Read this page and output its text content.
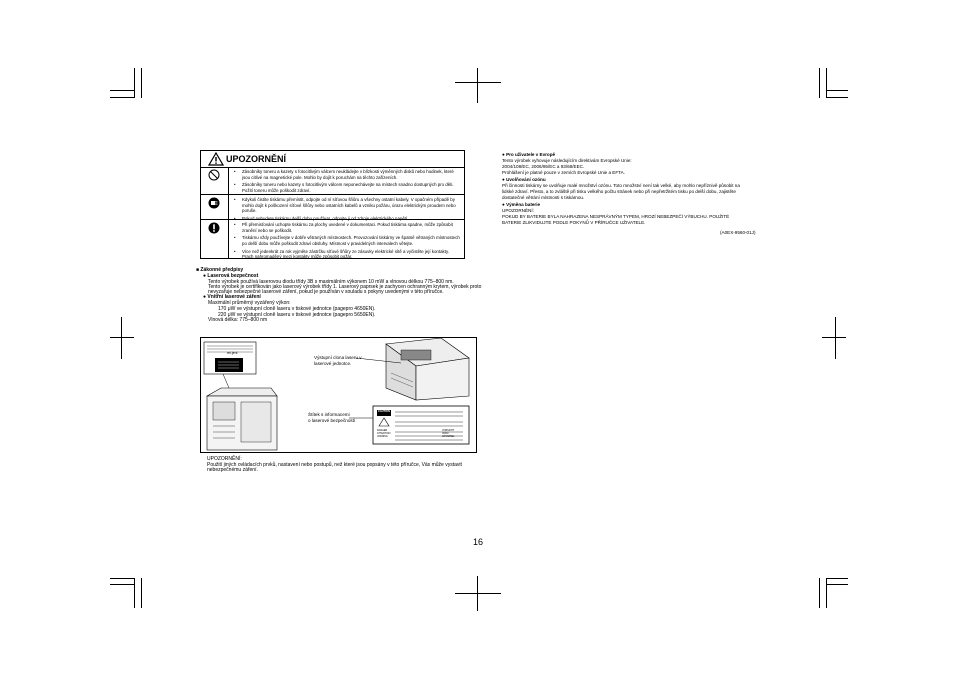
UPOZORNĚNÍ

• Zásobníky toneru a kazety s fotocitlivým válcem neukládejte v blízkosti výměnných disků nebo hodinek, které jsou citlivé na magnetické pole. Mohlo by dojít k poruchám na těchto zařízeních.

• Zásobníky toneru nebo kazety s fotocitlivým válcem neponechávejte na místech snadno dostupných pro děti. Požití toneru může poškodit zdraví.

• Kdykoli čistíte tiskárnu přemístit, odpojte od ní síťovou šňůru a všechny ostatní kabely. V opačném případě by mohlo dojít k poškození síťové šňůry nebo ostatních kabelů a vzniku požáru, úrazu elektrickým proudem nebo poruše.

• Pokud nebudete tiskárnu delší dobu používat, odpojte ji od zdroje elektrického napětí.

• Při přemisťování uchopte tiskárnu za plochy uvedené v dokumentaci. Pokud tiskárna spadne, může způsobit zranění nebo se poškodit.

• Tiskárnu vždy používejte v dobře větraných místnostech. Provozování tiskárny ve špatně větraných místnostech po delší dobu může poškodit zdraví obsluhy. Místnost v pravidelných intervalech větejte.

• Více než jedenkrát za rok vyjměte zástrčku síťové šňůry ze zásuvky elektrické sítě a vyčistěte její kontakty. Prach nahromaděný mezi kontakty může způsobit požár.

■ Zákonné předpisy
● Laserová bezpečnost
Tento výrobek používá laserovou diodu třídy 3B s maximálním výkonem 10 mW a vlnovou délkou 775–800 nm.
Tento výrobek je certifikován jako laserový výrobek třídy 1. Laserový paprsek je zachycen ochranným krytem, výrobek proto
nevyzařuje nebezpečné laserové záření, pokud je používán v souladu s pokyny uvedenými v této příručce.
● Vnitřní laserové záření
Maximální průměrný vyzářený výkon:
170 μW ve výstupní clonĕ laseru v tiskové jednotce (pagepro 4650EN).
220 μW ve výstupní clonĕ laseru v tiskové jednotce (pagepro 5650EN).
Vlnová délka: 775–800 nm
rel.jení
CAUTION
DANGER
ATTENTION
VARNING
VORSICHT
VARO
ADVARSEL
Výstupní clona laseru v
laserové jednotce.
Štítek s informacemi
o laserové bezpečnosti
UPOZORNĚNÍ:
Použití jiných ovládacích prvků, nastavení nebo postupů, než které jsou popsány v této příručce, Vás může vystavit
nebezpečnému záření.
● Pro uživatele v Evropě
Tento výrobek vyhovuje následujícím direktivám Evropské Unie:
2004/108/EC, 2006/95/EC a 93/68/EEC.
Prohlášení je platné pouze v zemích Evropské Unie a EFTA.
● Uvolňování ozónu
Při činnosti tiskárny se uvolňuje malé množství ozónu. Toto množství není tak velké, aby mohlo nepříznivě působit na
lidské zdraví. Přesto, a to zvláště při tisku velkého počtu stránek nebo při nepřetržitém tisku po delší dobu, zajistěte
dostatečné větrání místnosti s tiskárnou.
● Výměna baterie
UPOZORNĚNÍ:
POKUD BY BATERIE BYLA NAHRAZENA NESPRÁVNÝM TYPEM, HROZÍ NEBEZPEČÍ VÝBUCHU. POUŽITÉ
BATERIE ZLIKVIDUJTE PODLE POKYNŮ V PŘÍRUČCE UŽIVATELE.
(A0EX-9560-01J)
16
